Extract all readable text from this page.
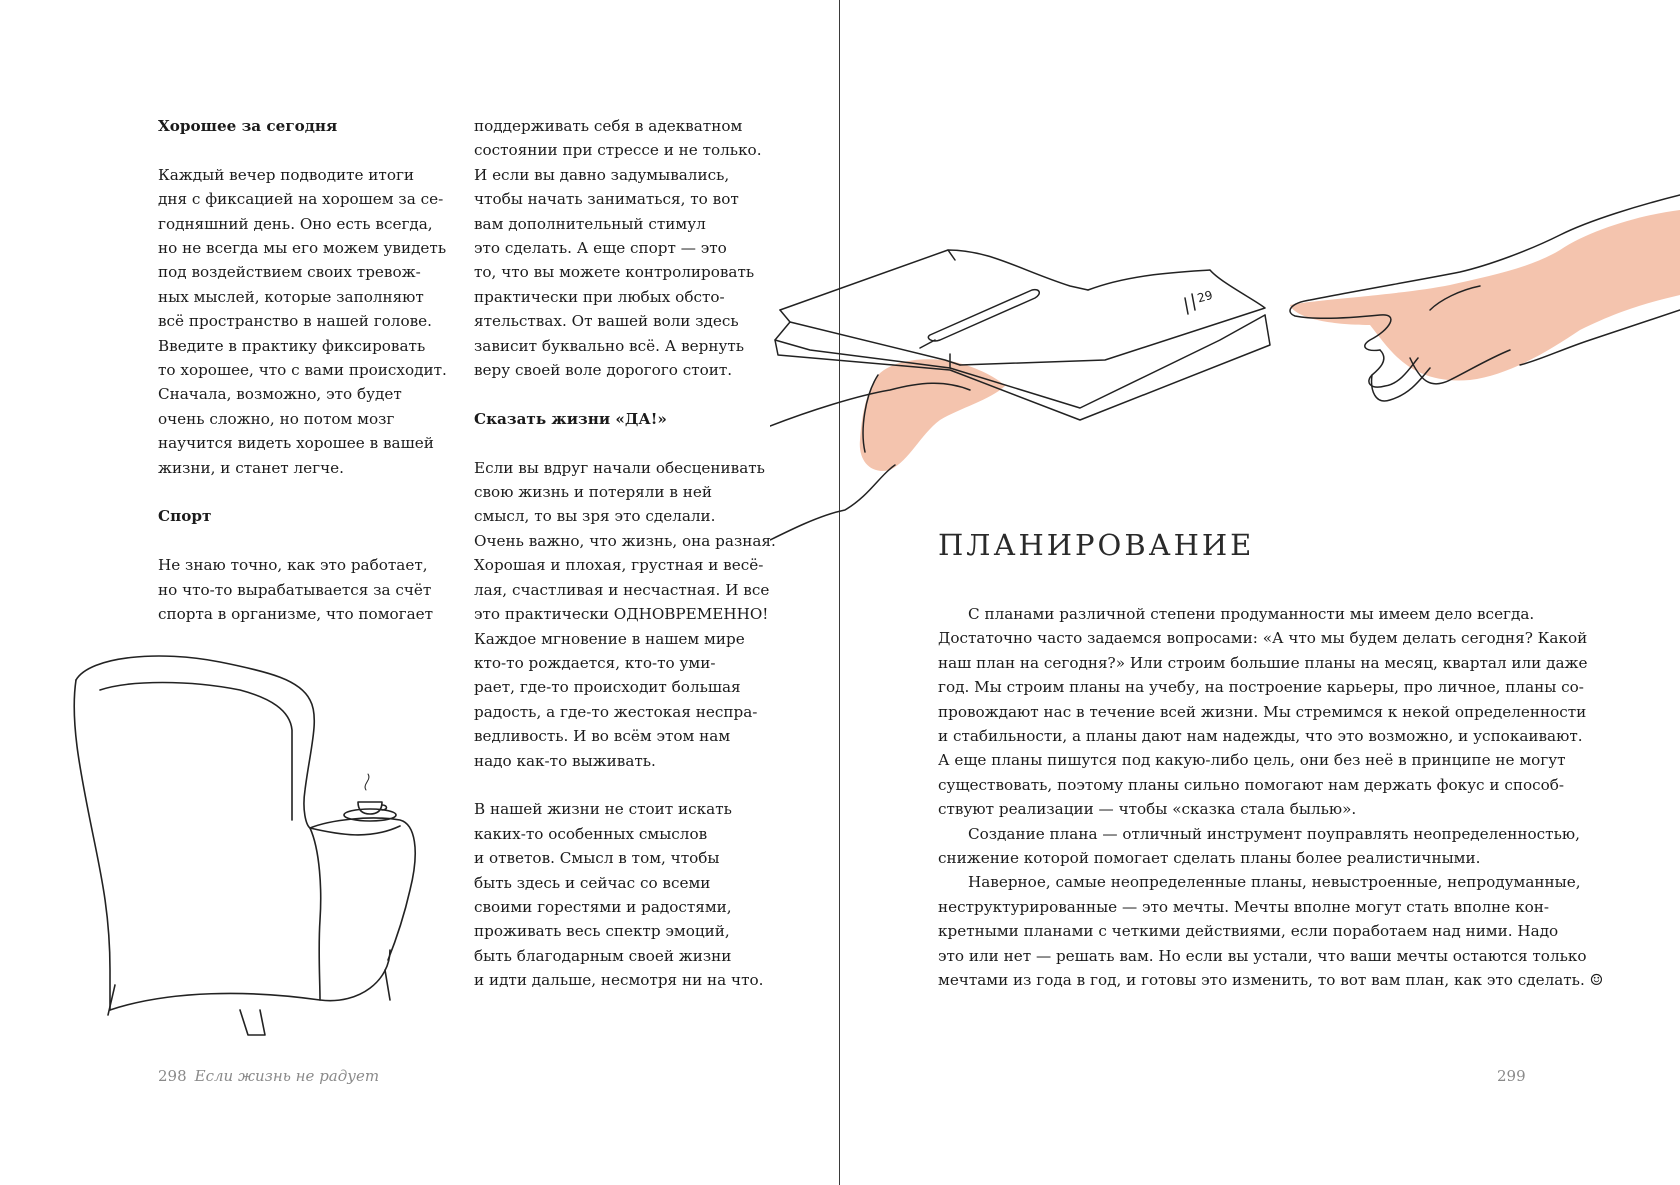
Хорошее за сегодня

Каждый вечер подводите итоги
дня с фиксацией на хорошем за се-
годняшний день. Оно есть всегда,
но не всегда мы его можем увидеть
под воздействием своих тревож-
ных мыслей, которые заполняют
всё пространство в нашей голове.
Введите в практику фиксировать
то хорошее, что с вами происходит.
Сначала, возможно, это будет
очень сложно, но потом мозг
научится видеть хорошее в вашей
жизни, и станет легче.

Спорт

Не знаю точно, как это работает,
но что-то вырабатывается за счёт
спорта в организме, что помогает
поддерживать себя в адекватном
состоянии при стрессе и не только.
И если вы давно задумывались,
чтобы начать заниматься, то вот
вам дополнительный стимул
это сделать. А еще спорт — это
то, что вы можете контролировать
практически при любых обсто-
ятельствах. От вашей воли здесь
зависит буквально всё. А вернуть
веру своей воле дорогого стоит.

Сказать жизни «ДА!»

Если вы вдруг начали обесценивать
свою жизнь и потеряли в ней
смысл, то вы зря это сделали.
Очень важно, что жизнь, она разная.
Хорошая и плохая, грустная и весё-
лая, счастливая и несчастная. И все
это практически ОДНОВРЕМЕННО!
Каждое мгновение в нашем мире
кто-то рождается, кто-то уми-
рает, где-то происходит большая
радость, а где-то жестокая неспра-
ведливость. И во всём этом нам
надо как-то выживать.
В нашей жизни не стоит искать
каких-то особенных смыслов
и ответов. Смысл в том, чтобы
быть здесь и сейчас со всеми
своими горестями и радостями,
проживать весь спектр эмоций,
быть благодарным своей жизни
и идти дальше, несмотря ни на что.
298 Если жизнь не радует
29
ПЛАНИРОВАНИЕ
С планами различной степени продуманности мы имеем дело всегда.
Достаточно часто задаемся вопросами: «А что мы будем делать сегодня? Какой
наш план на сегодня?» Или строим большие планы на месяц, квартал или даже
год. Мы строим планы на учебу, на построение карьеры, про личное, планы со-
провождают нас в течение всей жизни. Мы стремимся к некой определенности
и стабильности, а планы дают нам надежды, что это возможно, и успокаивают.
А еще планы пишутся под какую-либо цель, они без неё в принципе не могут
существовать, поэтому планы сильно помогают нам держать фокус и способ-
ствуют реализации — чтобы «сказка стала былью».
Создание плана — отличный инструмент поуправлять неопределенностью,
снижение которой помогает сделать планы более реалистичными.
Наверное, самые неопределенные планы, невыстроенные, непродуманные,
неструктурированные — это мечты. Мечты вполне могут стать вполне кон-
кретными планами с четкими действиями, если поработаем над ними. Надо
это или нет — решать вам. Но если вы устали, что ваши мечты остаются только
мечтами из года в год, и готовы это изменить, то вот вам план, как это сделать. ☺
299
